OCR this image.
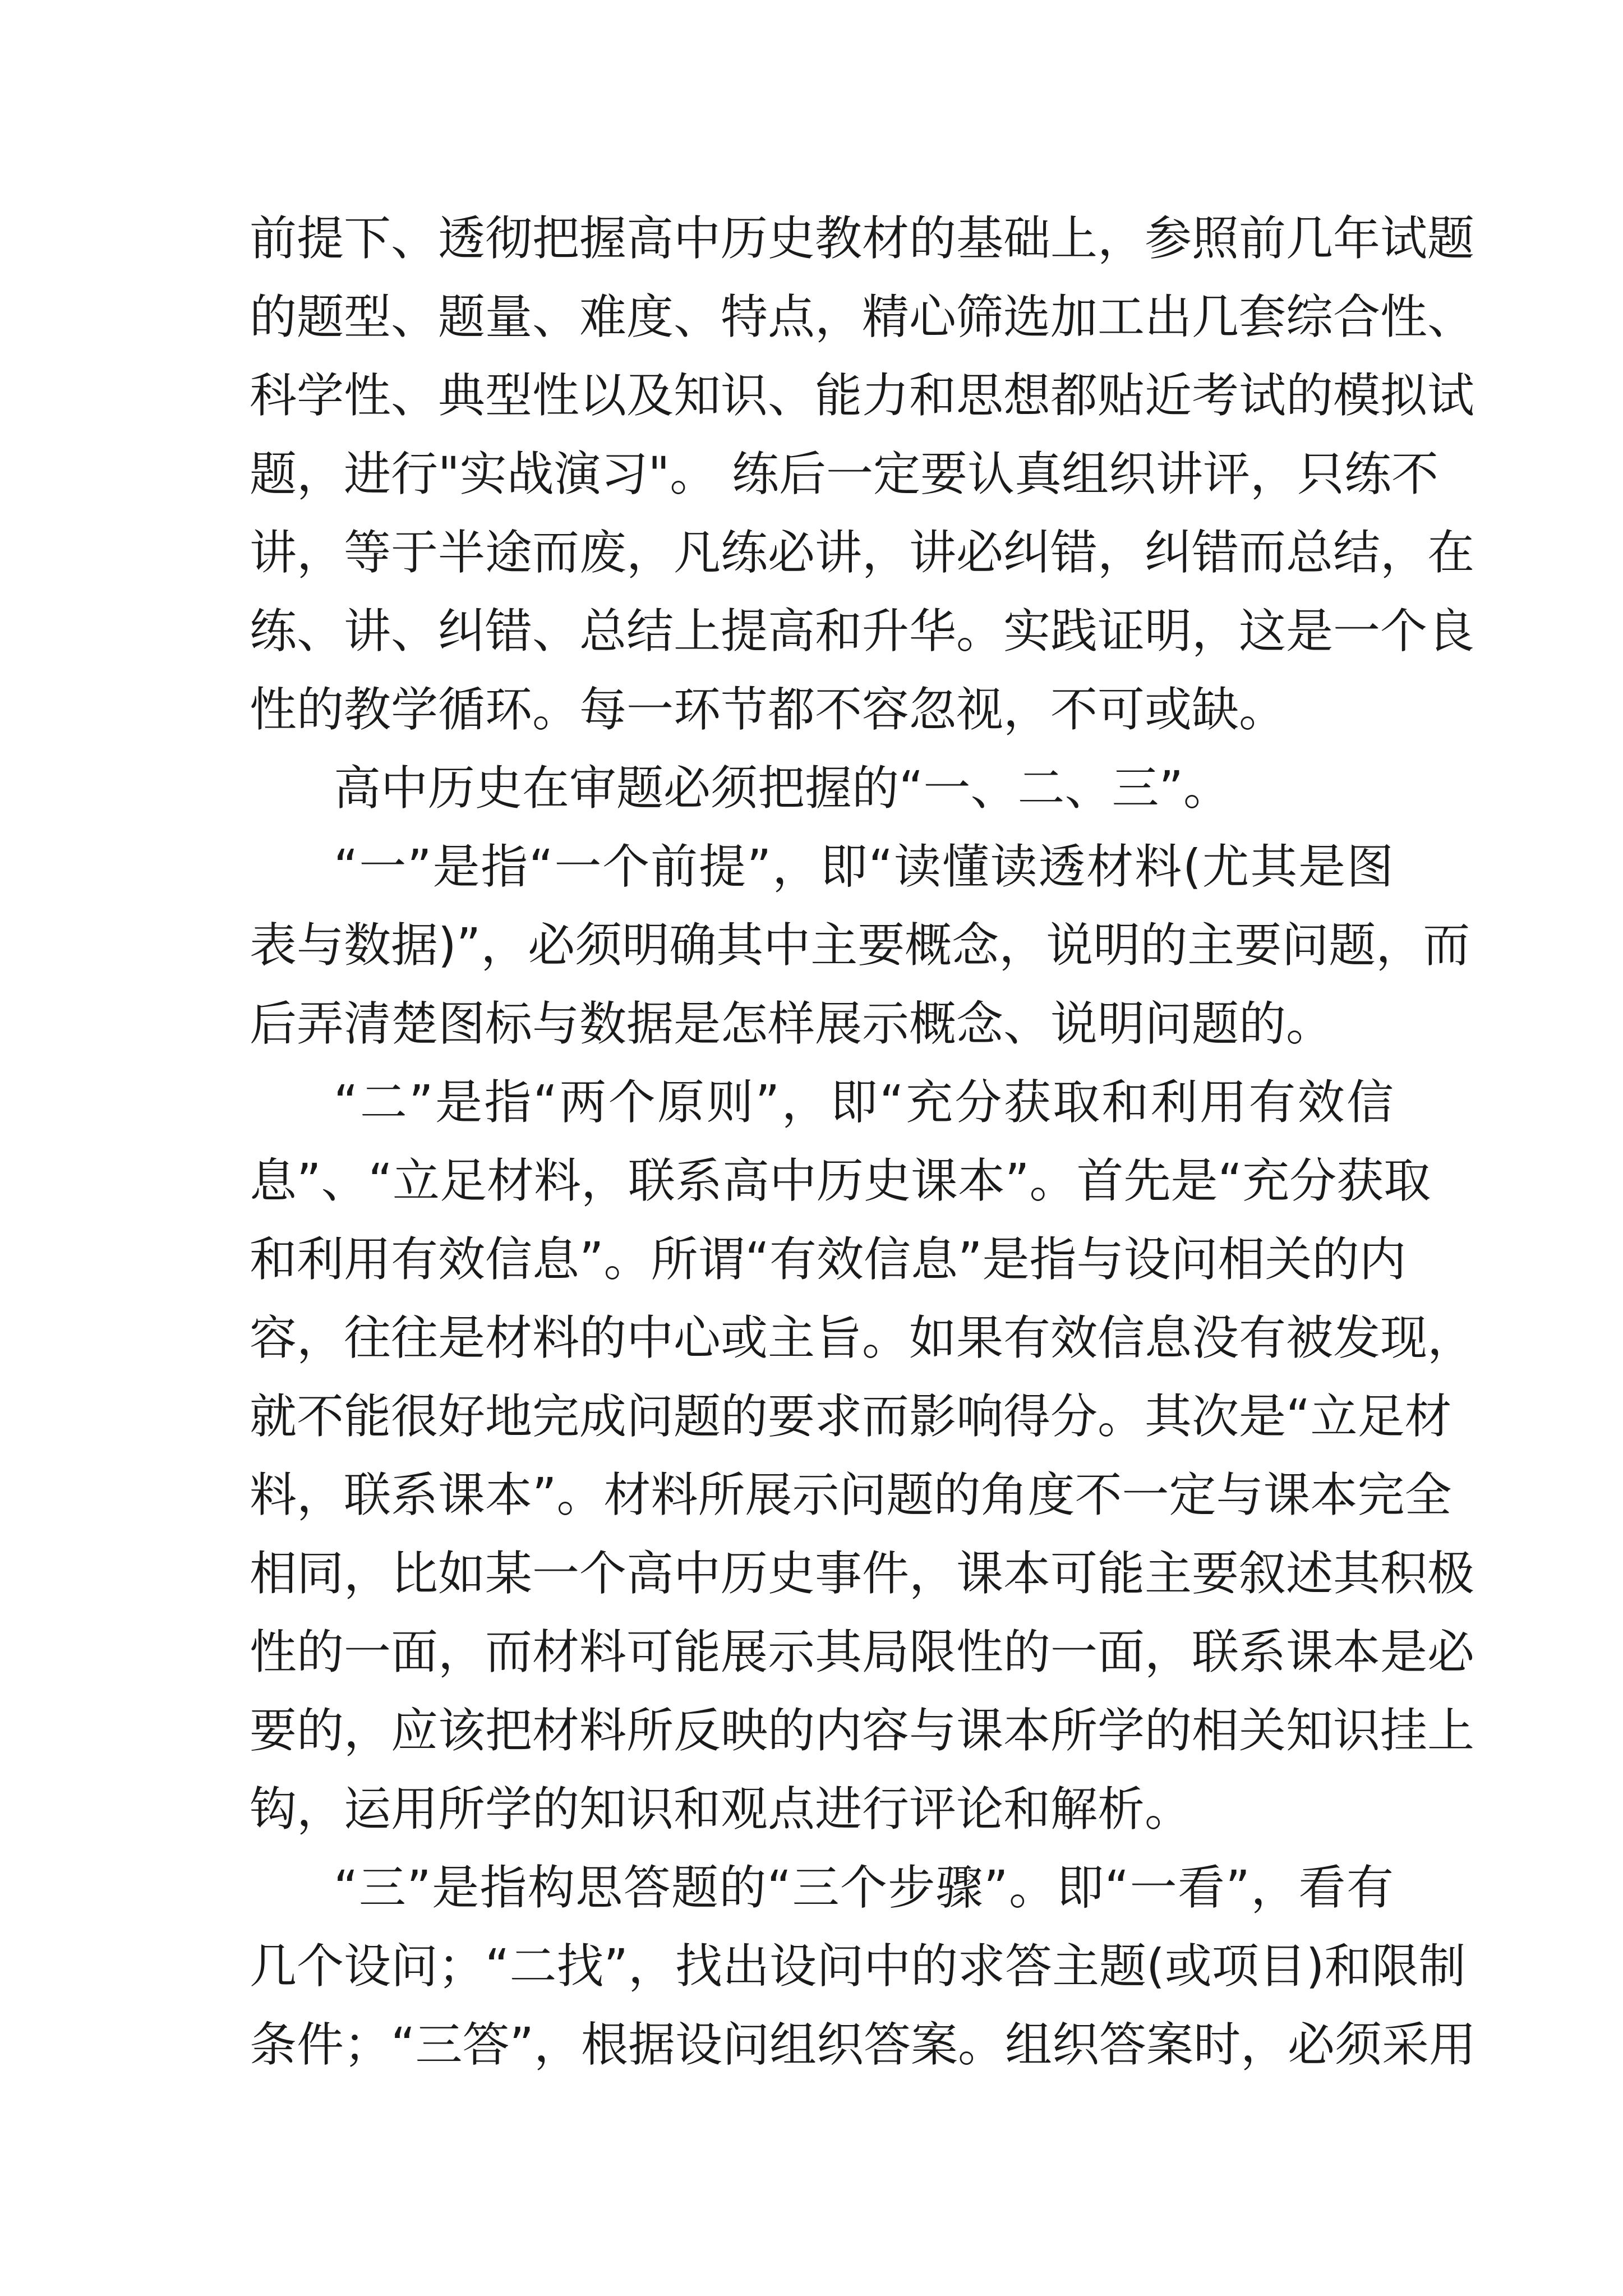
前提下、透彻把握高中历史教材的基础上，参照前几年试题
的题型、题量、难度、特点，精心筛选加工出几套综合性、
科学性、典型性以及知识、能力和思想都贴近考试的模拟试
题，进行"实战演习"。 练后一定要认真组织讲评，只练不
讲，等于半途而废，凡练必讲，讲必纠错，纠错而总结，在
练、讲、纠错、总结上提高和升华。实践证明，这是一个良
性的教学循环。每一环节都不容忽视，不可或缺。
高中历史在审题必须把握的“一、二、三”。
“一”是指“一个前提”，即“读懂读透材料(尤其是图
表与数据)”，必须明确其中主要概念，说明的主要问题，而
后弄清楚图标与数据是怎样展示概念、说明问题的。
“二”是指“两个原则”，即“充分获取和利用有效信
息”、“立足材料，联系高中历史课本”。首先是“充分获取
和利用有效信息”。所谓“有效信息”是指与设问相关的内
容，往往是材料的中心或主旨。如果有效信息没有被发现，
就不能很好地完成问题的要求而影响得分。其次是“立足材
料，联系课本”。材料所展示问题的角度不一定与课本完全
相同，比如某一个高中历史事件，课本可能主要叙述其积极
性的一面，而材料可能展示其局限性的一面，联系课本是必
要的，应该把材料所反映的内容与课本所学的相关知识挂上
钩，运用所学的知识和观点进行评论和解析。
“三”是指构思答题的“三个步骤”。即“一看”，看有
几个设问；“二找”，找出设问中的求答主题(或项目)和限制
条件；“三答”，根据设问组织答案。组织答案时，必须采用
